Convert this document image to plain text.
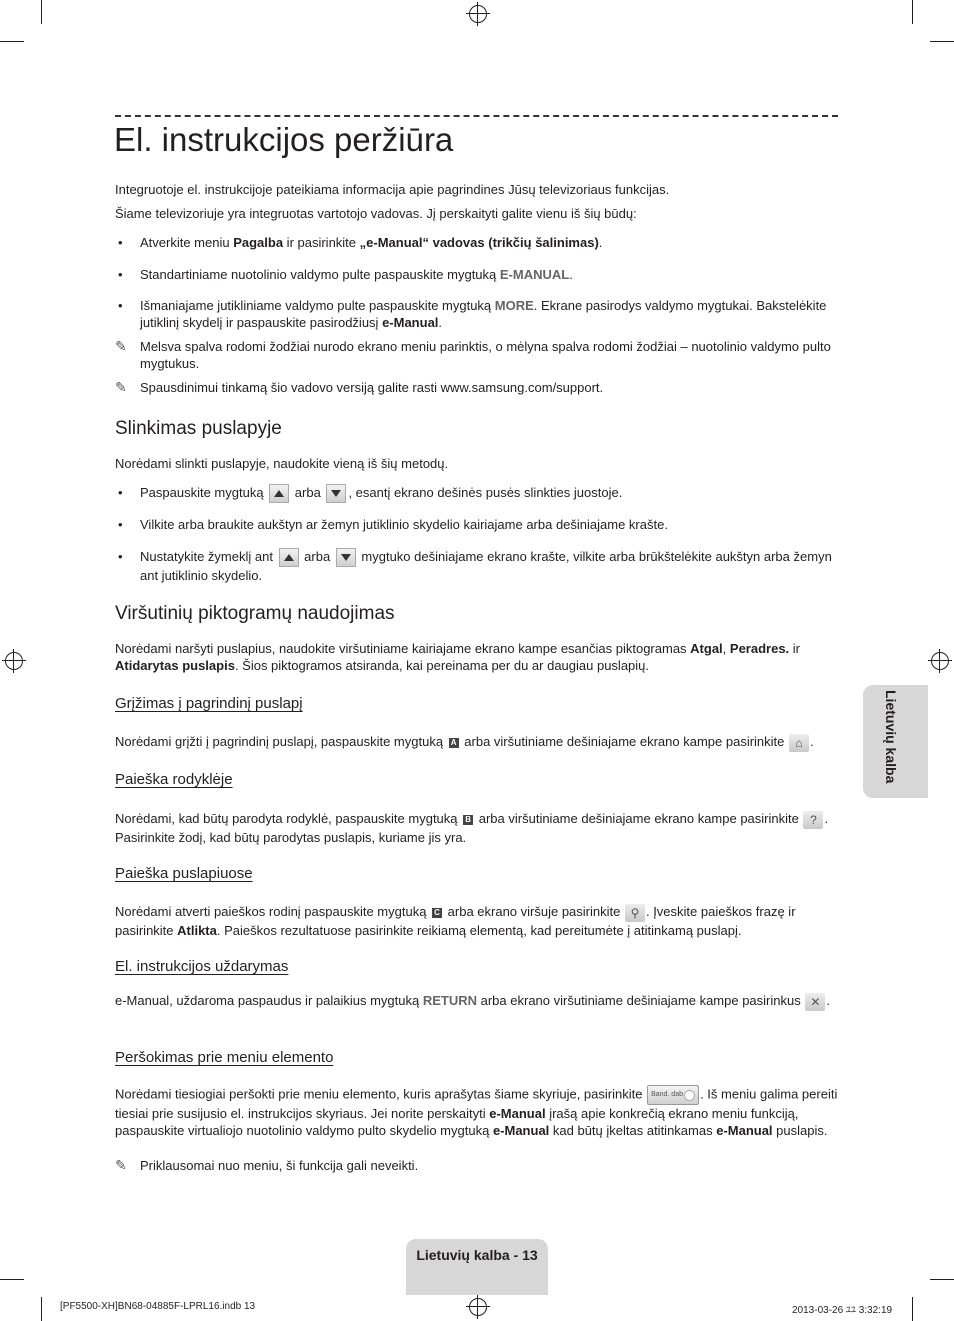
El. instrukcijos peržiūra
Integruotoje el. instrukcijoje pateikiama informacija apie pagrindines Jūsų televizoriaus funkcijas.
Šiame televizoriuje yra integruotas vartotojo vadovas. Jį perskaityti galite vienu iš šių būdų:
• Atverkite meniu Pagalba ir pasirinkite „e-Manual“ vadovas (trikčių šalinimas).
• Standartiniame nuotolinio valdymo pulte paspauskite mygtuką E-MANUAL.
• Išmaniajame jutikliniame valdymo pulte paspauskite mygtuką MORE. Ekrane pasirodys valdymo mygtukai. Bakstelėkite jutiklinį skydelį ir paspauskite pasirodžiusį e-Manual.
✎ Melsva spalva rodomi žodžiai nurodo ekrano meniu parinktis, o mėlyna spalva rodomi žodžiai – nuotolinio valdymo pulto mygtukus.
✎ Spausdinimui tinkamą šio vadovo versiją galite rasti www.samsung.com/support.
Slinkimas puslapyje
Norėdami slinkti puslapyje, naudokite vieną iš šių metodų.
• Paspauskite mygtuką  arba , esantį ekrano dešinės pusės slinkties juostoje.
• Vilkite arba braukite aukštyn ar žemyn jutiklinio skydelio kairiajame arba dešiniajame krašte.
• Nustatykite žymeklį ant  arba  mygtuko dešiniajame ekrano krašte, vilkite arba brūkštelėkite aukštyn arba žemyn ant jutiklinio skydelio.
Viršutinių piktogramų naudojimas
Norėdami naršyti puslapius, naudokite viršutiniame kairiajame ekrano kampe esančias piktogramas Atgal, Peradres. ir Atidarytas puslapis. Šios piktogramos atsiranda, kai pereinama per du ar daugiau puslapių.
Grįžimas į pagrindinį puslapį
Norėdami grįžti į pagrindinį puslapį, paspauskite mygtuką A arba viršutiniame dešiniajame ekrano kampe pasirinkite ⌂ .
Paieška rodyklėje
Norėdami, kad būtų parodyta rodyklė, paspauskite mygtuką B arba viršutiniame dešiniajame ekrano kampe pasirinkite ? . Pasirinkite žodį, kad būtų parodytas puslapis, kuriame jis yra.
Paieška puslapiuose
Norėdami atverti paieškos rodinį paspauskite mygtuką C arba ekrano viršuje pasirinkite ⚲ . Įveskite paieškos frazę ir pasirinkite Atlikta. Paieškos rezultatuose pasirinkite reikiamą elementą, kad pereitumėte į atitinkamą puslapį.
El. instrukcijos uždarymas
e-Manual, uždaroma paspaudus ir palaikius mygtuką RETURN arba ekrano viršutiniame dešiniajame kampe pasirinkus ✕ .
Peršokimas prie meniu elemento
Norėdami tiesiogiai peršokti prie meniu elemento, kuris aprašytas šiame skyriuje, pasirinkite Band. dab . Iš meniu galima pereiti tiesiai prie susijusio el. instrukcijos skyriaus. Jei norite perskaityti e-Manual įrašą apie konkrečią ekrano meniu funkciją, paspauskite virtualiojo nuotolinio valdymo pulto skydelio mygtuką e-Manual kad būtų įkeltas atitinkamas e-Manual puslapis.
✎ Priklausomai nuo meniu, ši funkcija gali neveikti.
Lietuvių kalba
Lietuvių kalba - 13
[PF5500-XH]BN68-04885F-LPRL16.indb 13	2013-03-26 ﾕﾕ 3:32:19
